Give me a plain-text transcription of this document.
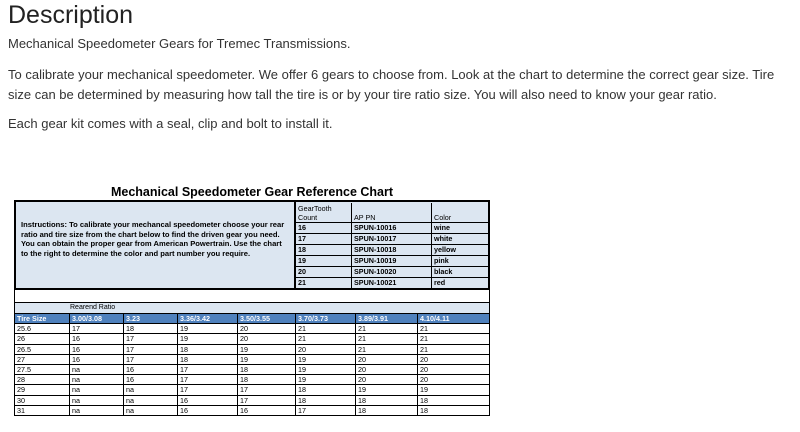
Description

Mechanical Speedometer Gears for Tremec Transmissions.

To calibrate your mechanical speedometer. We offer 6 gears to choose from. Look at the chart to determine the correct gear size. Tire size can be determined by measuring how tall the tire is or by your tire ratio size. You will also need to know your gear ratio.

Each gear kit comes with a seal, clip and bolt to install it.

Mechanical Speedometer Gear Reference Chart
Instructions: To calibrate your mechancal speedometer choose your rear ratio and tire size from the chart below to find the driven gear you need. You can obtain the proper gear from American Powertrain. Use the chart to the right to determine the color and part number you require.
GearTooth Count	AP PN	Color
16	SPUN-10016	wine
17	SPUN-10017	white
18	SPUN-10018	yellow
19	SPUN-10019	pink
20	SPUN-10020	black
21	SPUN-10021	red
Rearend Ratio
Tire Size	3.00/3.08	3.23	3.36/3.42	3.50/3.55	3.70/3.73	3.89/3.91	4.10/4.11
25.6	17	18	19	20	21	21	21
26	16	17	19	20	21	21	21
26.5	16	17	18	19	20	21	21
27	16	17	18	19	19	20	20
27.5	na	16	17	18	19	20	20
28	na	16	17	18	19	20	20
29	na	na	17	17	18	19	19
30	na	na	16	17	18	18	18
31	na	na	16	16	17	18	18
